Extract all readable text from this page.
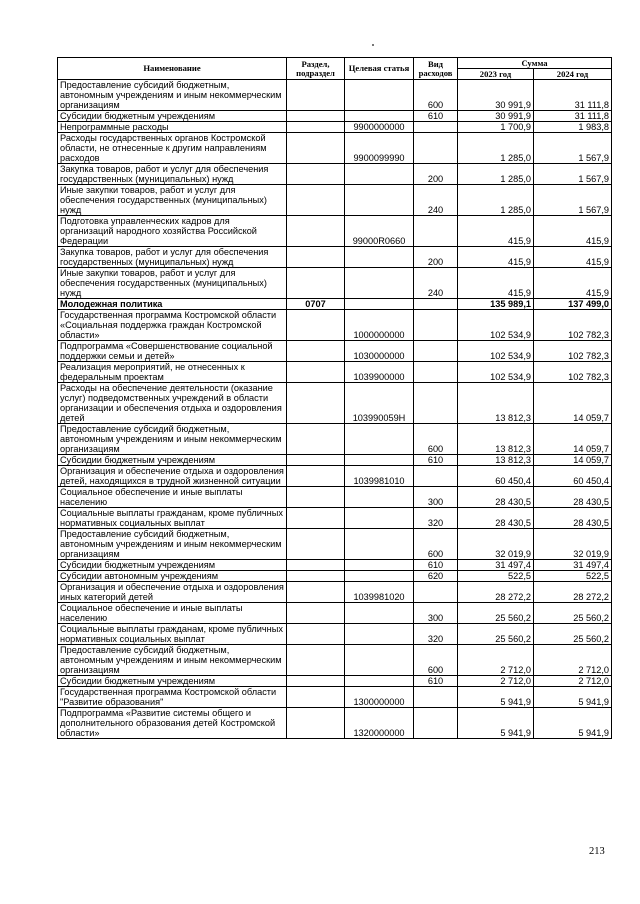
Наименование	Раздел, подраздел	Целевая статья	Вид расходов	Сумма	
				2023 год	2024 год
Предоставление субсидий бюджетным, автономным учреждениям и иным некоммерческим организациям			600	30 991,9	31 111,8
Субсидии бюджетным учреждениям			610	30 991,9	31 111,8
Непрограммные расходы		9900000000		1 700,9	1 983,8
Расходы государственных органов Костромской области, не отнесенные к другим направлениям расходов		9900099990		1 285,0	1 567,9
Закупка товаров, работ и услуг для обеспечения государственных (муниципальных) нужд			200	1 285,0	1 567,9
Иные закупки товаров, работ и услуг для обеспечения государственных (муниципальных) нужд			240	1 285,0	1 567,9
Подготовка управленческих кадров для организаций народного хозяйства Российской Федерации		99000R0660		415,9	415,9
Закупка товаров, работ и услуг для обеспечения государственных (муниципальных) нужд			200	415,9	415,9
Иные закупки товаров, работ и услуг для обеспечения государственных (муниципальных) нужд			240	415,9	415,9
Молодежная политика	0707			135 989,1	137 499,0
Государственная программа Костромской области «Социальная поддержка граждан Костромской области»		1000000000		102 534,9	102 782,3
Подпрограмма «Совершенствование социальной поддержки семьи и детей»		1030000000		102 534,9	102 782,3
Реализация мероприятий, не отнесенных к федеральным проектам		1039900000		102 534,9	102 782,3
Расходы на обеспечение деятельности (оказание услуг) подведомственных учреждений в области организации и обеспечения отдыха и оздоровления детей		103990059Н		13 812,3	14 059,7
Предоставление субсидий бюджетным, автономным учреждениям и иным некоммерческим организациям			600	13 812,3	14 059,7
Субсидии бюджетным учреждениям			610	13 812,3	14 059,7
Организация и обеспечение отдыха и оздоровления детей, находящихся в трудной жизненной ситуации		1039981010		60 450,4	60 450,4
Социальное обеспечение и иные выплаты населению			300	28 430,5	28 430,5
Социальные выплаты гражданам, кроме публичных нормативных социальных выплат			320	28 430,5	28 430,5
Предоставление субсидий бюджетным, автономным учреждениям и иным некоммерческим организациям			600	32 019,9	32 019,9
Субсидии бюджетным учреждениям			610	31 497,4	31 497,4
Субсидии автономным учреждениям			620	522,5	522,5
Организация и обеспечение отдыха и оздоровления иных категорий детей		1039981020		28 272,2	28 272,2
Социальное обеспечение и иные выплаты населению			300	25 560,2	25 560,2
Социальные выплаты гражданам, кроме публичных нормативных социальных выплат			320	25 560,2	25 560,2
Предоставление субсидий бюджетным, автономным учреждениям и иным некоммерческим организациям			600	2 712,0	2 712,0
Субсидии бюджетным учреждениям			610	2 712,0	2 712,0
Государственная программа Костромской области "Развитие образования"		1300000000		5 941,9	5 941,9
Подпрограмма «Развитие системы общего и дополнительного образования детей Костромской области»		1320000000		5 941,9	5 941,9
213
